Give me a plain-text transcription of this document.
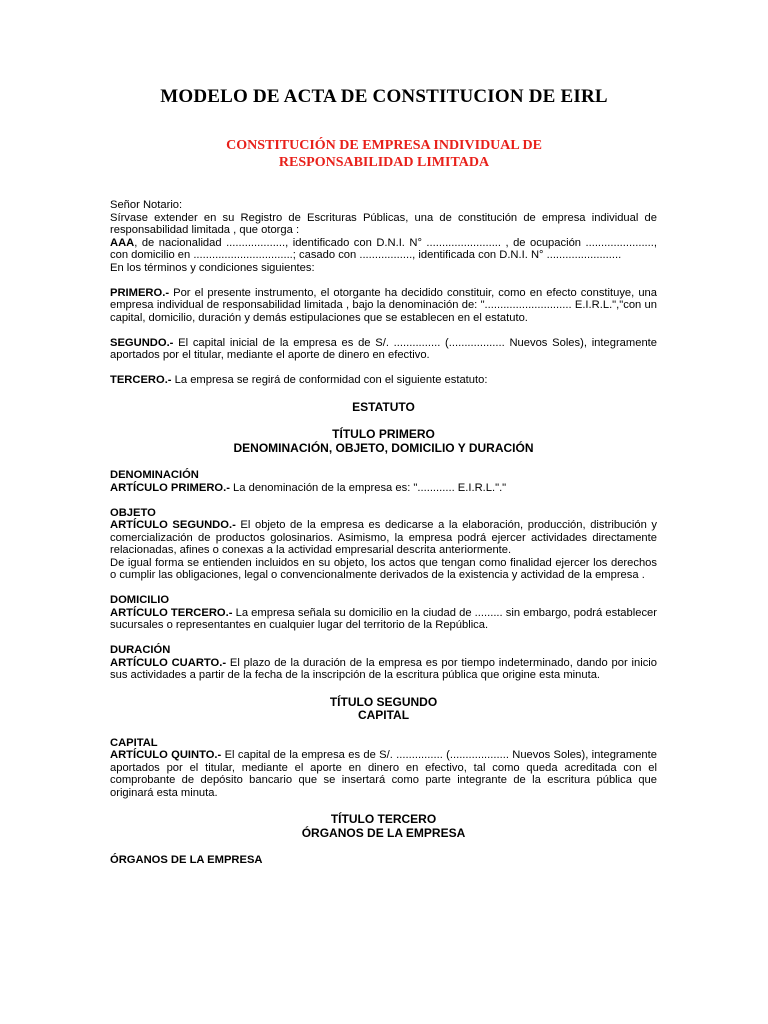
MODELO DE ACTA DE CONSTITUCION DE EIRL
CONSTITUCIÓN DE EMPRESA INDIVIDUAL DE
RESPONSABILIDAD LIMITADA

Señor Notario:

Sírvase extender en su Registro de Escrituras Públicas, una de constitución de empresa individual de responsabilidad limitada , que otorga :

AAA, de nacionalidad ..................., identificado con D.N.I. N° ........................ , de ocupación ......................, con domicilio en ................................; casado con ................., identificada con D.N.I. N° ........................

En los términos y condiciones siguientes:

PRIMERO.- Por el presente instrumento, el otorgante ha decidido constituir, como en efecto constituye, una empresa individual de responsabilidad limitada , bajo la denominación de: "............................ E.I.R.L.","con un capital, domicilio, duración y demás estipulaciones que se establecen en el estatuto.

SEGUNDO.- El capital inicial de la empresa es de S/. ............... (.................. Nuevos Soles), integramente aportados por el titular, mediante el aporte de dinero en efectivo.

TERCERO.- La empresa se regirá de conformidad con el siguiente estatuto:

ESTATUTO

TÍTULO PRIMERO

DENOMINACIÓN, OBJETO, DOMICILIO Y DURACIÓN

DENOMINACIÓN

ARTÍCULO PRIMERO.- La denominación de la empresa es: "............ E.I.R.L."."

OBJETO

ARTÍCULO SEGUNDO.- El objeto de la empresa es dedicarse a la elaboración, producción, distribución y comercialización de productos golosinarios. Asimismo, la empresa podrá ejercer actividades directamente relacionadas, afines o conexas a la actividad empresarial descrita anteriormente.

De igual forma se entienden incluidos en su objeto, los actos que tengan como finalidad ejercer los derechos o cumplir las obligaciones, legal o convencionalmente derivados de la existencia y actividad de la empresa .

DOMICILIO

ARTÍCULO TERCERO.- La empresa señala su domicilio en la ciudad de ......... sin embargo, podrá establecer sucursales o representantes en cualquier lugar del territorio de la República.

DURACIÓN

ARTÍCULO CUARTO.- El plazo de la duración de la empresa es por tiempo indeterminado, dando por inicio sus actividades a partir de la fecha de la inscripción de la escritura pública que origine esta minuta.

TÍTULO SEGUNDO

CAPITAL

CAPITAL

ARTÍCULO QUINTO.- El capital de la empresa es de S/. ............... (................... Nuevos Soles), integramente aportados por el titular, mediante el aporte en dinero en efectivo, tal como queda acreditada con el comprobante de depósito bancario que se insertará como parte integrante de la escritura pública que originará esta minuta.

TÍTULO TERCERO

ÓRGANOS DE LA EMPRESA

ÓRGANOS DE LA EMPRESA
